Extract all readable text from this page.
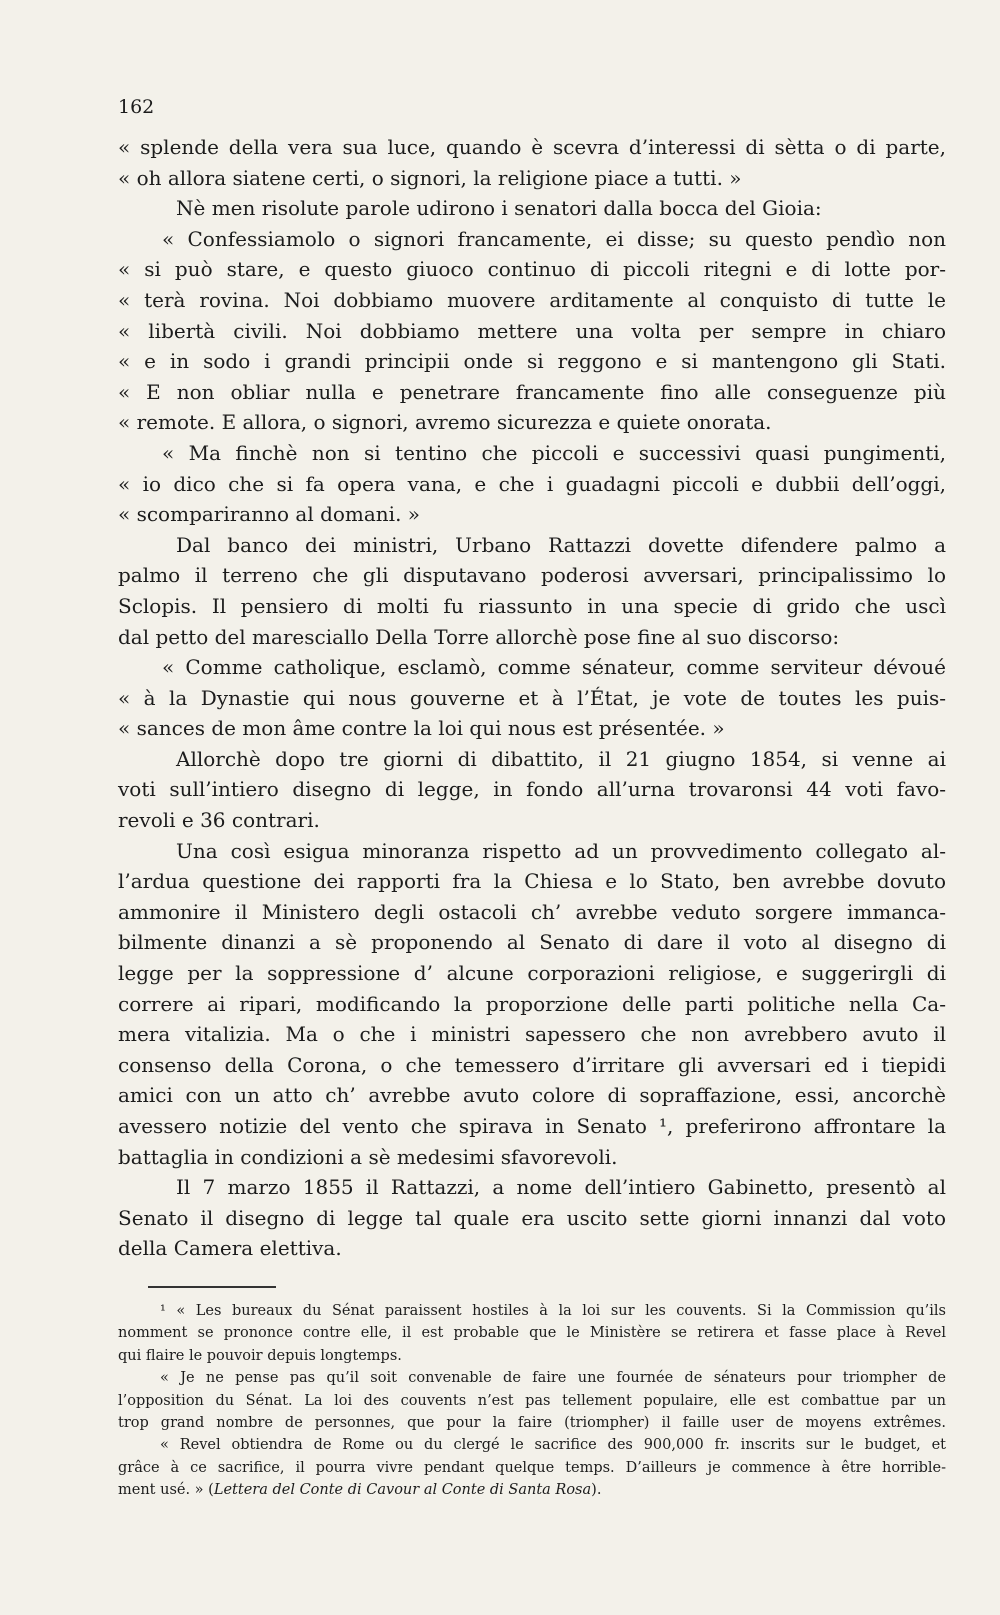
162
« splende della vera sua luce, quando è scevra d’interessi di sètta o di parte,
« oh allora siatene certi, o signori, la religione piace a tutti. »
Nè men risolute parole udirono i senatori dalla bocca del Gioia:
« Confessiamolo o signori francamente, ei disse; su questo pendìo non
« si può stare, e questo giuoco continuo di piccoli ritegni e di lotte por-
« terà rovina. Noi dobbiamo muovere arditamente al conquisto di tutte le
« libertà civili. Noi dobbiamo mettere una volta per sempre in chiaro
« e in sodo i grandi principii onde si reggono e si mantengono gli Stati.
« E non obliar nulla e penetrare francamente fino alle conseguenze più
« remote. E allora, o signori, avremo sicurezza e quiete onorata.
« Ma finchè non si tentino che piccoli e successivi quasi pungimenti,
« io dico che si fa opera vana, e che i guadagni piccoli e dubbii dell’oggi,
« scompariranno al domani. »
Dal banco dei ministri, Urbano Rattazzi dovette difendere palmo a
palmo il terreno che gli disputavano poderosi avversari, principalissimo lo
Sclopis. Il pensiero di molti fu riassunto in una specie di grido che uscì
dal petto del maresciallo Della Torre allorchè pose fine al suo discorso:
« Comme catholique, esclamò, comme sénateur, comme serviteur dévoué
« à la Dynastie qui nous gouverne et à l’État, je vote de toutes les puis-
« sances de mon âme contre la loi qui nous est présentée. »
Allorchè dopo tre giorni di dibattito, il 21 giugno 1854, si venne ai
voti sull’intiero disegno di legge, in fondo all’urna trovaronsi 44 voti favo-
revoli e 36 contrari.
Una così esigua minoranza rispetto ad un provvedimento collegato al-
l’ardua questione dei rapporti fra la Chiesa e lo Stato, ben avrebbe dovuto
ammonire il Ministero degli ostacoli ch’ avrebbe veduto sorgere immanca-
bilmente dinanzi a sè proponendo al Senato di dare il voto al disegno di
legge per la soppressione d’ alcune corporazioni religiose, e suggerirgli di
correre ai ripari, modificando la proporzione delle parti politiche nella Ca-
mera vitalizia. Ma o che i ministri sapessero che non avrebbero avuto il
consenso della Corona, o che temessero d’irritare gli avversari ed i tiepidi
amici con un atto ch’ avrebbe avuto colore di sopraffazione, essi, ancorchè
avessero notizie del vento che spirava in Senato ¹, preferirono affrontare la
battaglia in condizioni a sè medesimi sfavorevoli.
Il 7 marzo 1855 il Rattazzi, a nome dell’intiero Gabinetto, presentò al
Senato il disegno di legge tal quale era uscito sette giorni innanzi dal voto
della Camera elettiva.
¹ « Les bureaux du Sénat paraissent hostiles à la loi sur les couvents. Si la Commission qu’ils
nomment se prononce contre elle, il est probable que le Ministère se retirera et fasse place à Revel
qui flaire le pouvoir depuis longtemps.
« Je ne pense pas qu’il soit convenable de faire une fournée de sénateurs pour triompher de
l’opposition du Sénat. La loi des couvents n’est pas tellement populaire, elle est combattue par un
trop grand nombre de personnes, que pour la faire (triompher) il faille user de moyens extrêmes.
« Revel obtiendra de Rome ou du clergé le sacrifice des 900,000 fr. inscrits sur le budget, et
grâce à ce sacrifice, il pourra vivre pendant quelque temps. D’ailleurs je commence à être horrible-
ment usé. » (Lettera del Conte di Cavour al Conte di Santa Rosa).
